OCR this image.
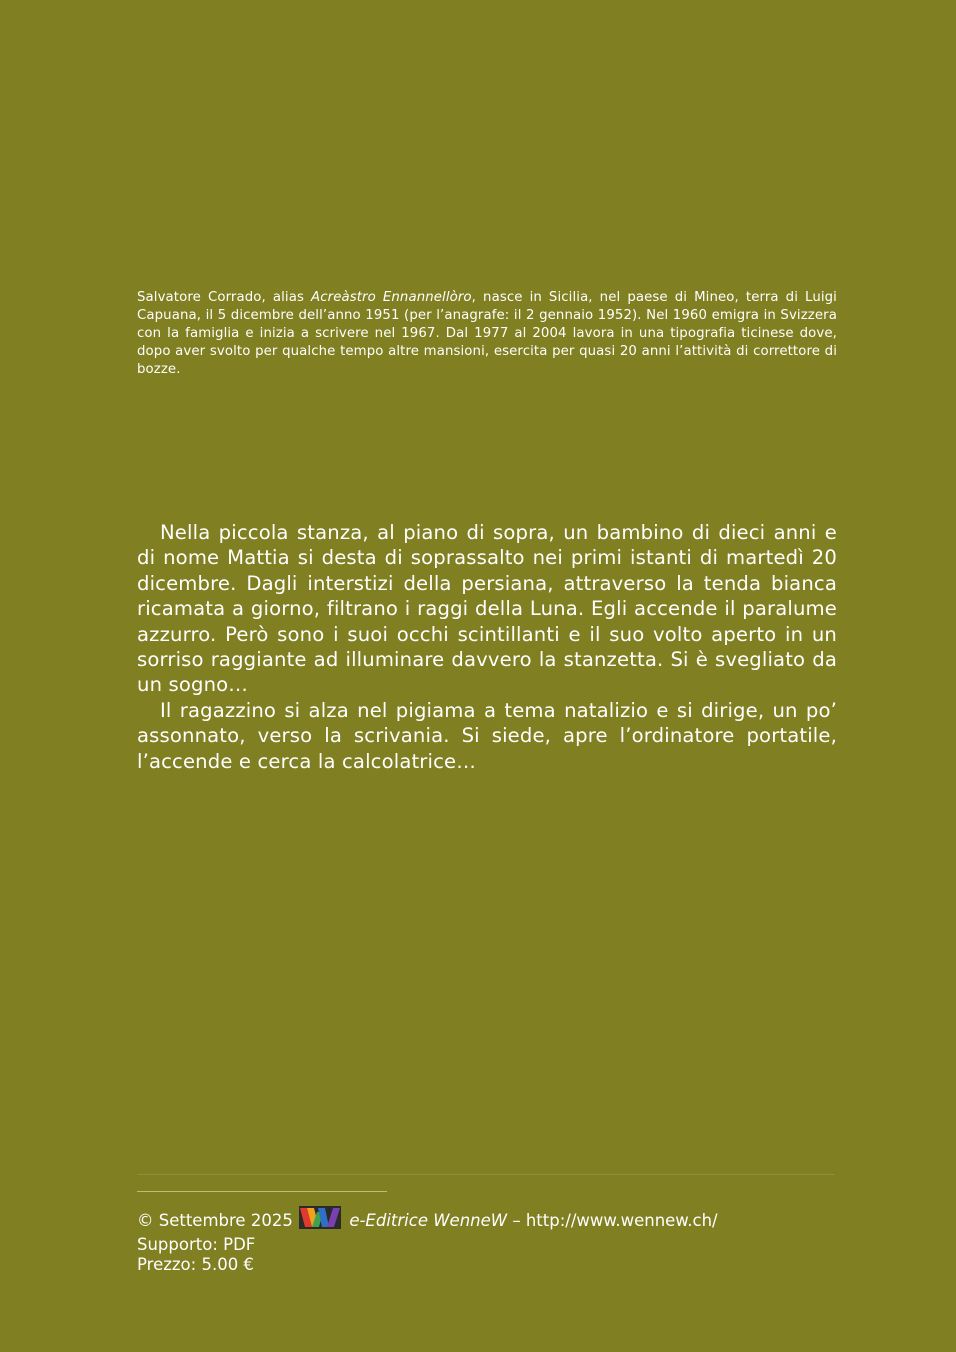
Salvatore Corrado, alias Acreàstro Ennannellòro, nasce in Sicilia, nel paese di Mineo, terra di Luigi Capuana, il 5 dicembre dell’anno 1951 (per l’anagrafe: il 2 gennaio 1952). Nel 1960 emigra in Svizzera con la famiglia e inizia a scrivere nel 1967. Dal 1977 al 2004 lavora in una tipografia ticinese dove, dopo aver svolto per qualche tempo altre mansioni, esercita per quasi 20 anni l’attività di correttore di bozze.

Nella piccola stanza, al piano di sopra, un bambino di dieci anni e di nome Mattia si desta di soprassalto nei primi istanti di martedì 20 dicembre. Dagli interstizi della persiana, attraverso la tenda bianca ricamata a giorno, filtrano i raggi della Luna. Egli accende il paralume azzurro. Però sono i suoi occhi scintillanti e il suo volto aperto in un sorriso raggiante ad illuminare davvero la stanzetta. Si è svegliato da un sogno…

Il ragazzino si alza nel pigiama a tema natalizio e si dirige, un po’ assonnato, verso la scrivania. Si siede, apre l’ordinatore portatile, l’accende e cerca la calcolatrice…

© Settembre 2025	e-Editrice WenneW – http://www.wennew.ch/
Supporto: PDF
Prezzo: 5.00 €
